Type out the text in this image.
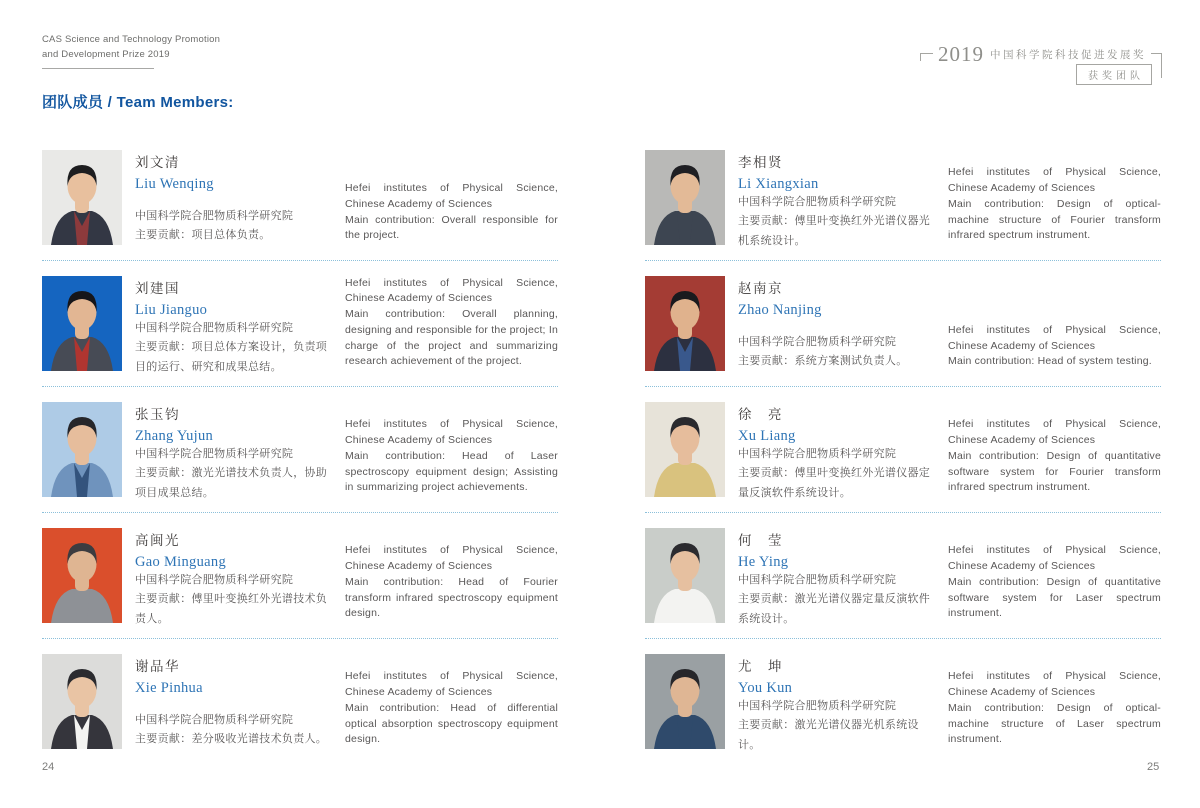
CAS Science and Technology Promotion
and Development Prize 2019	2019 中国科学院科技促进发展奖
获奖团队
团队成员 / Team Members:
刘文清
Liu Wenqing
中国科学院合肥物质科学研究院
主要贡献：项目总体负责。
Hefei institutes of Physical Science, Chinese Academy of Sciences
Main contribution: Overall responsible for the project.
刘建国
Liu Jianguo
中国科学院合肥物质科学研究院
主要贡献：项目总体方案设计，负责项目的运行、研究和成果总结。
Hefei institutes of Physical Science, Chinese Academy of Sciences
Main contribution: Overall planning, designing and responsible for the project; In charge of the project and summarizing research achievement of the project.
张玉钧
Zhang Yujun
中国科学院合肥物质科学研究院
主要贡献：激光光谱技术负责人，协助项目成果总结。
Hefei institutes of Physical Science, Chinese Academy of Sciences
Main contribution: Head of Laser spectroscopy equipment design; Assisting in summarizing project achievements.
高闽光
Gao Minguang
中国科学院合肥物质科学研究院
主要贡献：傅里叶变换红外光谱技术负责人。
Hefei institutes of Physical Science, Chinese Academy of Sciences
Main contribution: Head of Fourier transform infrared spectroscopy equipment design.
谢品华
Xie Pinhua
中国科学院合肥物质科学研究院
主要贡献：差分吸收光谱技术负责人。
Hefei institutes of Physical Science, Chinese Academy of Sciences
Main contribution: Head of differential optical absorption spectroscopy equipment design.
李相贤
Li Xiangxian
中国科学院合肥物质科学研究院
主要贡献：傅里叶变换红外光谱仪器光机系统设计。
Hefei institutes of Physical Science, Chinese Academy of Sciences
Main contribution: Design of optical-machine structure of Fourier transform infrared spectrum instrument.
赵南京
Zhao Nanjing
中国科学院合肥物质科学研究院
主要贡献：系统方案测试负责人。
Hefei institutes of Physical Science, Chinese Academy of Sciences
Main contribution: Head of system testing.
徐　亮
Xu Liang
中国科学院合肥物质科学研究院
主要贡献：傅里叶变换红外光谱仪器定量反演软件系统设计。
Hefei institutes of Physical Science, Chinese Academy of Sciences
Main contribution: Design of quantitative software system for Fourier transform infrared spectrum instrument.
何　莹
He Ying
中国科学院合肥物质科学研究院
主要贡献：激光光谱仪器定量反演软件系统设计。
Hefei institutes of Physical Science, Chinese Academy of Sciences
Main contribution: Design of quantitative software system for Laser spectrum instrument.
尤　坤
You Kun
中国科学院合肥物质科学研究院
主要贡献：激光光谱仪器光机系统设计。
Hefei institutes of Physical Science, Chinese Academy of Sciences
Main contribution: Design of optical-machine structure of Laser spectrum instrument.
24	25
